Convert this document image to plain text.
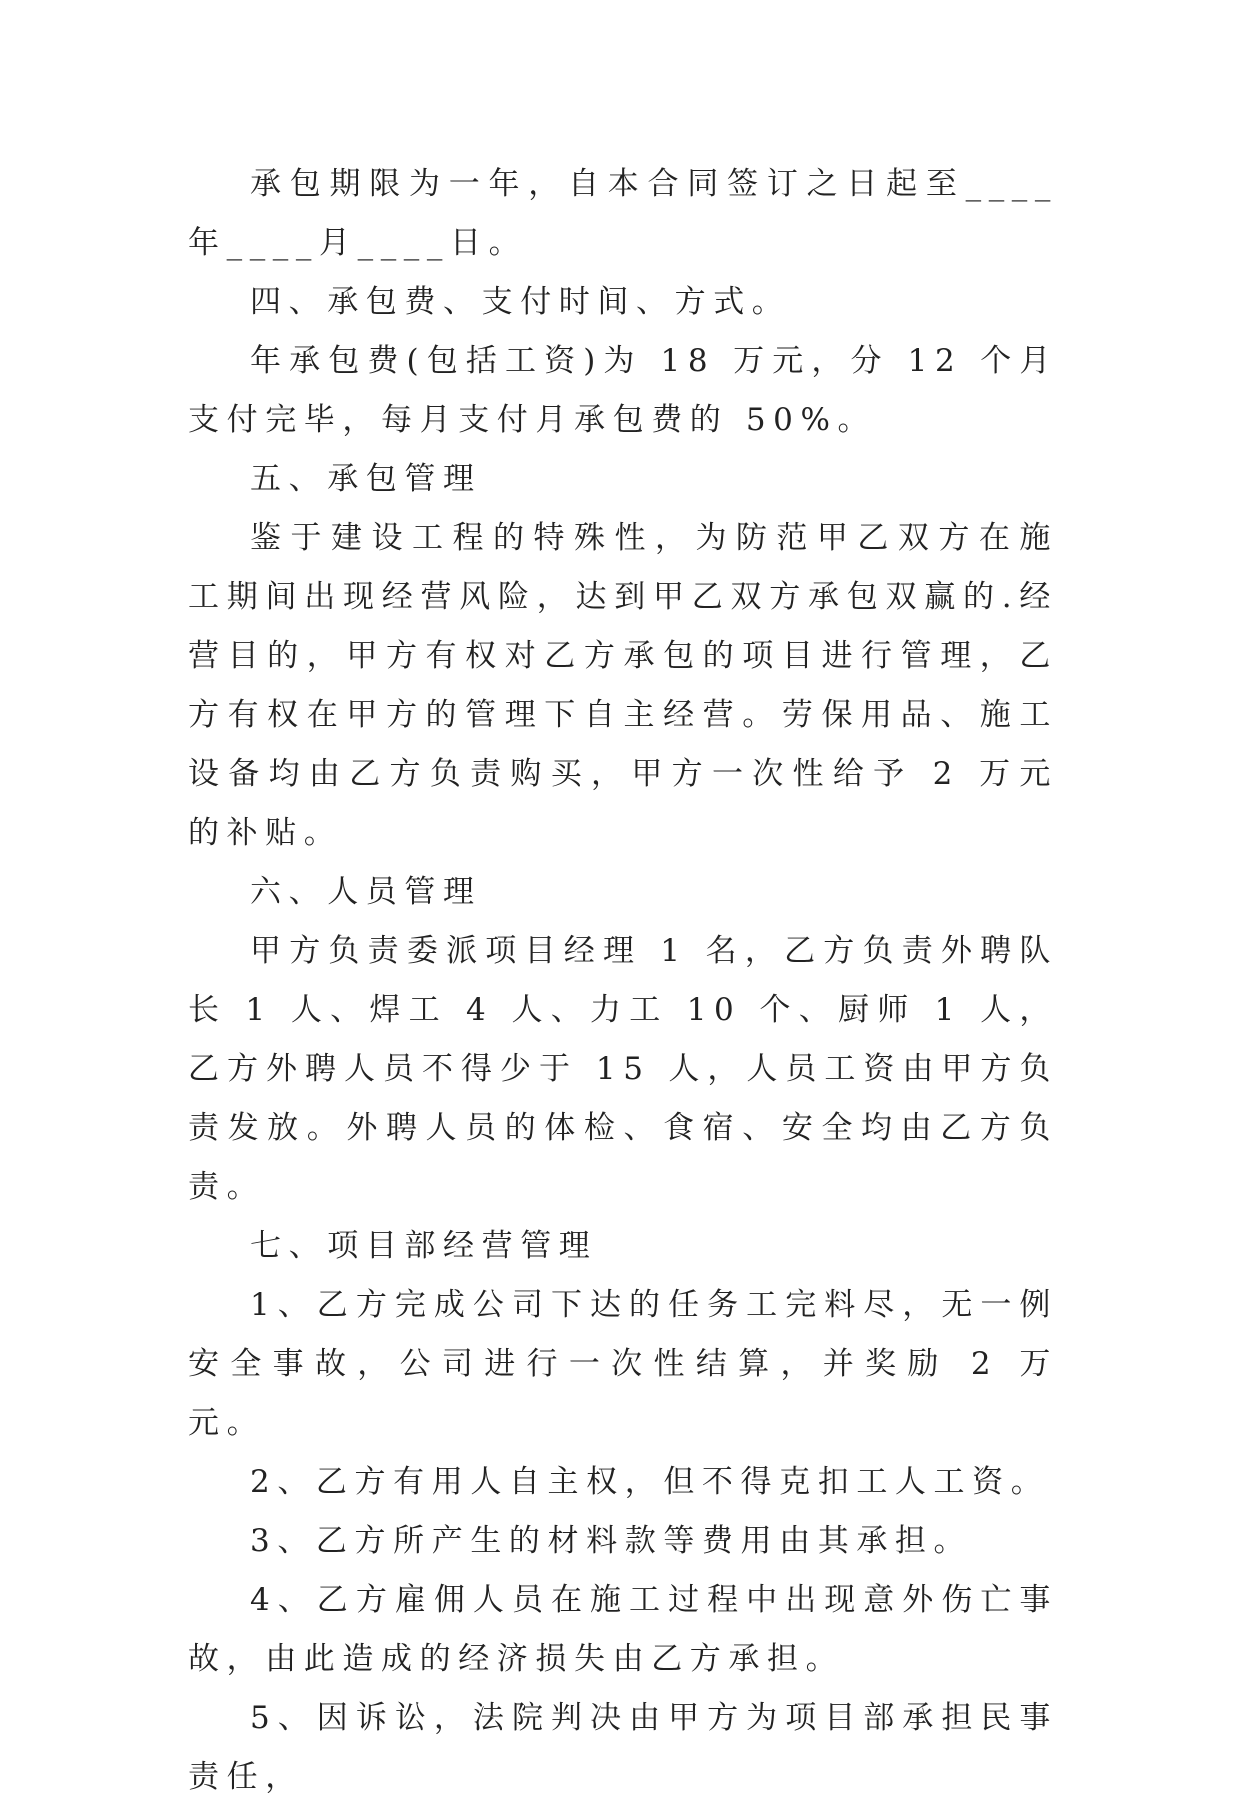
承包期限为一年，自本合同签订之日起至____年____月____日。

四、承包费、支付时间、方式。

年承包费(包括工资)为 18 万元，分 12 个月支付完毕，每月支付月承包费的 50%。

五、承包管理

鉴于建设工程的特殊性，为防范甲乙双方在施工期间出现经营风险，达到甲乙双方承包双赢的.经营目的，甲方有权对乙方承包的项目进行管理，乙方有权在甲方的管理下自主经营。劳保用品、施工设备均由乙方负责购买，甲方一次性给予 2 万元的补贴。

六、人员管理

甲方负责委派项目经理 1 名，乙方负责外聘队长 1 人、焊工 4 人、力工 10 个、厨师 1 人，乙方外聘人员不得少于 15 人，人员工资由甲方负责发放。外聘人员的体检、食宿、安全均由乙方负责。

七、项目部经营管理

1、乙方完成公司下达的任务工完料尽，无一例安全事故，公司进行一次性结算，并奖励 2 万元。

2、乙方有用人自主权，但不得克扣工人工资。

3、乙方所产生的材料款等费用由其承担。

4、乙方雇佣人员在施工过程中出现意外伤亡事故，由此造成的经济损失由乙方承担。

5、因诉讼，法院判决由甲方为项目部承担民事责任，
